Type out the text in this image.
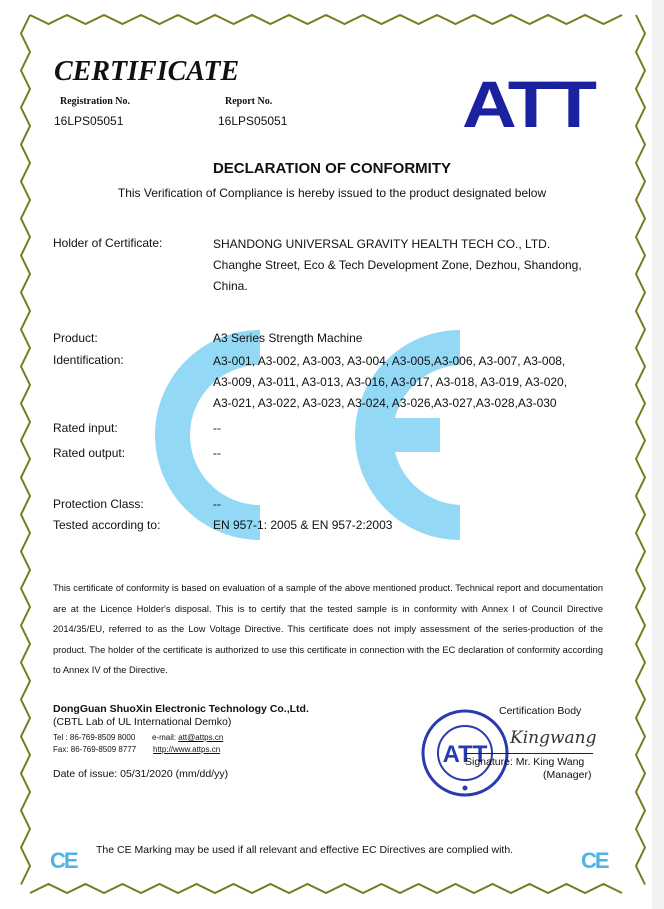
CERTIFICATE
Registration No.
16LPS05051
Report No.
16LPS05051	ATT
DECLARATION OF CONFORMITY
This Verification of Compliance is hereby issued to the product designated below
Holder of Certificate:	SHANDONG UNIVERSAL GRAVITY HEALTH TECH CO., LTD.
Changhe Street, Eco & Tech Development Zone, Dezhou, Shandong,
China.
Product:	A3 Series Strength Machine
Identification:	A3-001, A3-002, A3-003, A3-004, A3-005,A3-006, A3-007, A3-008,
A3-009, A3-011, A3-013, A3-016, A3-017, A3-018, A3-019, A3-020,
A3-021, A3-022, A3-023, A3-024, A3-026,A3-027,A3-028,A3-030
Rated input:	--
Rated output:	--
Protection Class:	--
Tested according to:	EN 957-1: 2005 & EN 957-2:2003
This certificate of conformity is based on evaluation of a sample of the above mentioned product. Technical report and documentation are at the Licence Holder's disposal. This is to certify that the tested sample is in conformity with Annex I of Council Directive 2014/35/EU, referred to as the Low Voltage Directive. This certificate does not imply assessment of the series-production of the product. The holder of the certificate is authorized to use this certificate in connection with the EC declaration of conformity according to Annex IV of the Directive.
DongGuan ShuoXin Electronic Technology Co.,Ltd.
(CBTL Lab of UL International Demko)
Tel : 86-769-8509 8000 e-mail: att@attps.cn
Fax: 86-769-8509 8777 http://www.attps.cn
Date of issue: 05/31/2020 (mm/dd/yy)
Certification Body
ATT
Kingwang
Signature: Mr. King Wang
(Manager)
CE The CE Marking may be used if all relevant and effective EC Directives are complied with.	CE
